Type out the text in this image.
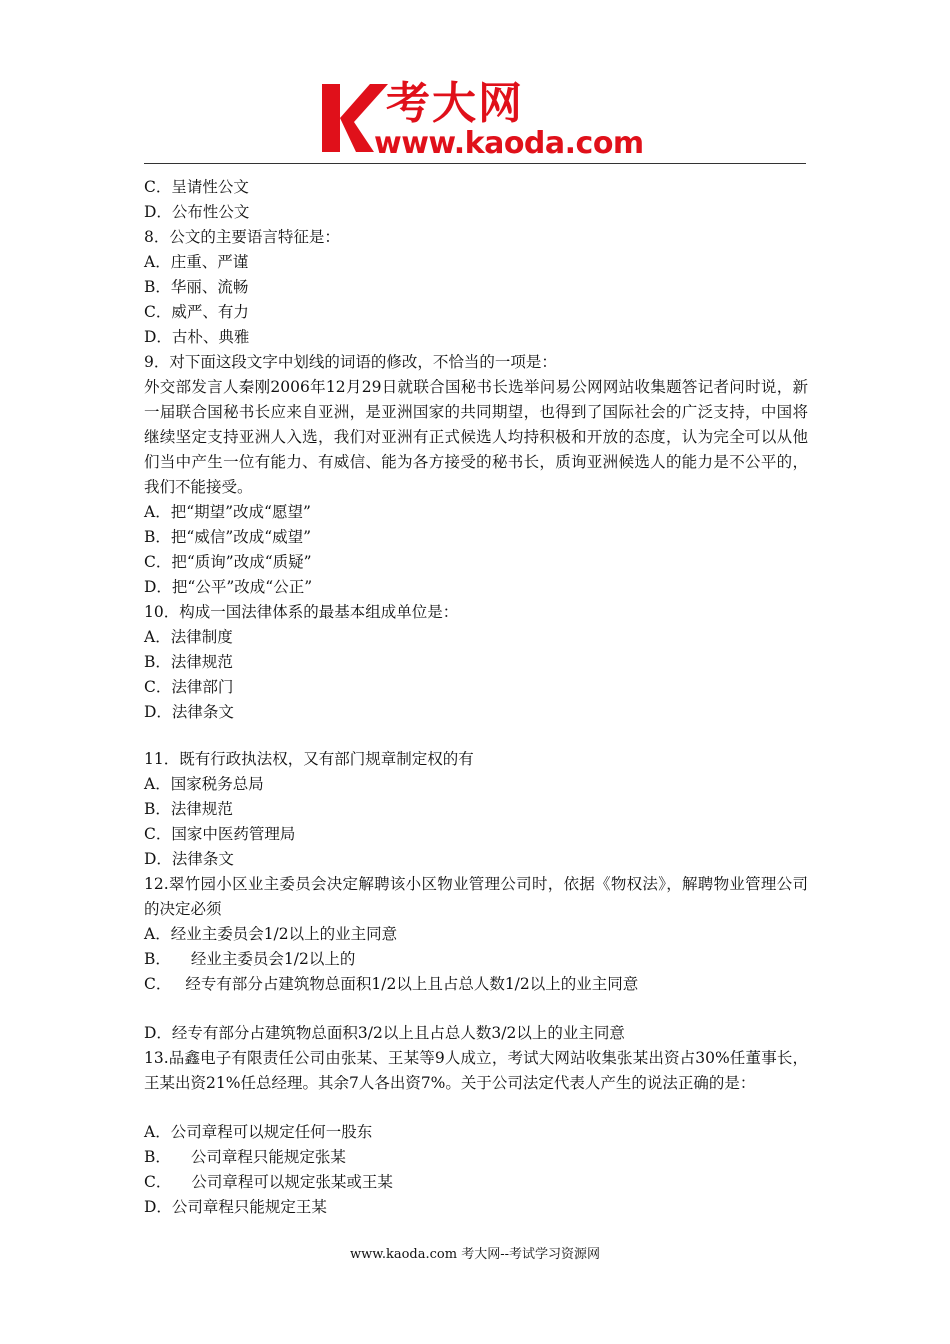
考大网
www.kaoda.com
C．呈请性公文
D．公布性公文
8．公文的主要语言特征是：
A．庄重、严谨
B．华丽、流畅
C．威严、有力
D．古朴、典雅
9．对下面这段文字中划线的词语的修改，不恰当的一项是：
外交部发言人秦刚2006年12月29日就联合国秘书长选举问易公网网站收集题答记者问时说，新一届联合国秘书长应来自亚洲，是亚洲国家的共同期望，也得到了国际社会的广泛支持，中国将继续坚定支持亚洲人入选，我们对亚洲有正式候选人均持积极和开放的态度，认为完全可以从他们当中产生一位有能力、有威信、能为各方接受的秘书长，质询亚洲候选人的能力是不公平的，我们不能接受。
A．把“期望”改成“愿望”
B．把“威信”改成“威望”
C．把“质询”改成“质疑”
D．把“公平”改成“公正”
10．构成一国法律体系的最基本组成单位是：
A．法律制度
B．法律规范
C．法律部门
D．法律条文
11．既有行政执法权，又有部门规章制定权的有
A．国家税务总局
B．法律规范
C．国家中医药管理局
D．法律条文
12.翠竹园小区业主委员会决定解聘该小区物业管理公司时，依据《物权法》，解聘物业管理公司的决定必须
A．经业主委员会1/2以上的业主同意
B． 经业主委员会1/2以上的
C． 经专有部分占建筑物总面积1/2以上且占总人数1/2以上的业主同意
D．经专有部分占建筑物总面积3/2以上且占总人数3/2以上的业主同意
13.品鑫电子有限责任公司由张某、王某等9人成立，考试大网站收集张某出资占30%任董事长，王某出资21%任总经理。其余7人各出资7%。关于公司法定代表人产生的说法正确的是：
A．公司章程可以规定任何一股东
B． 公司章程只能规定张某
C． 公司章程可以规定张某或王某
D．公司章程只能规定王某
www.kaoda.com 考大网--考试学习资源网
